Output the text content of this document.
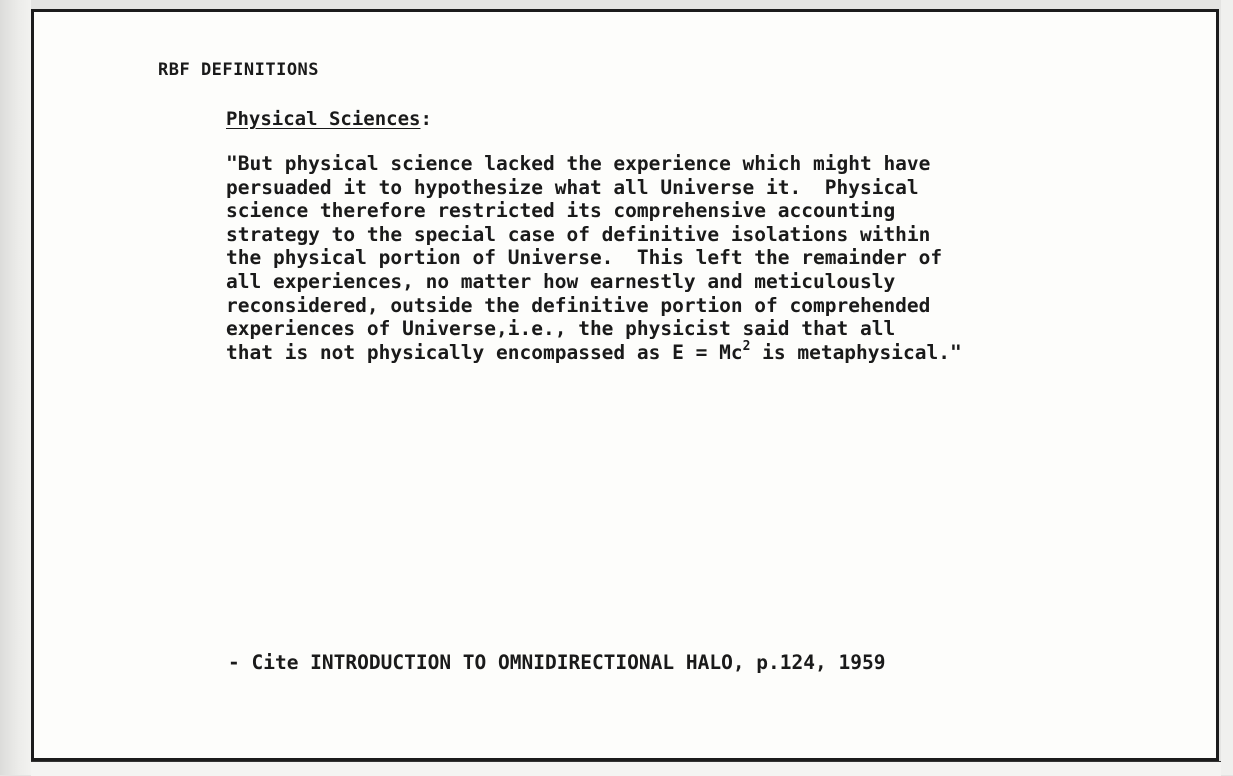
RBF DEFINITIONS
Physical Sciences:
"But physical science lacked the experience which might have
persuaded it to hypothesize what all Universe it.  Physical
science therefore restricted its comprehensive accounting
strategy to the special case of definitive isolations within
the physical portion of Universe.  This left the remainder of
all experiences, no matter how earnestly and meticulously
reconsidered, outside the definitive portion of comprehended
experiences of Universe,i.e., the physicist said that all
that is not physically encompassed as $E = Mc^2$ is metaphysical."
- Cite INTRODUCTION TO OMNIDIRECTIONAL HALO, p.124, 1959
